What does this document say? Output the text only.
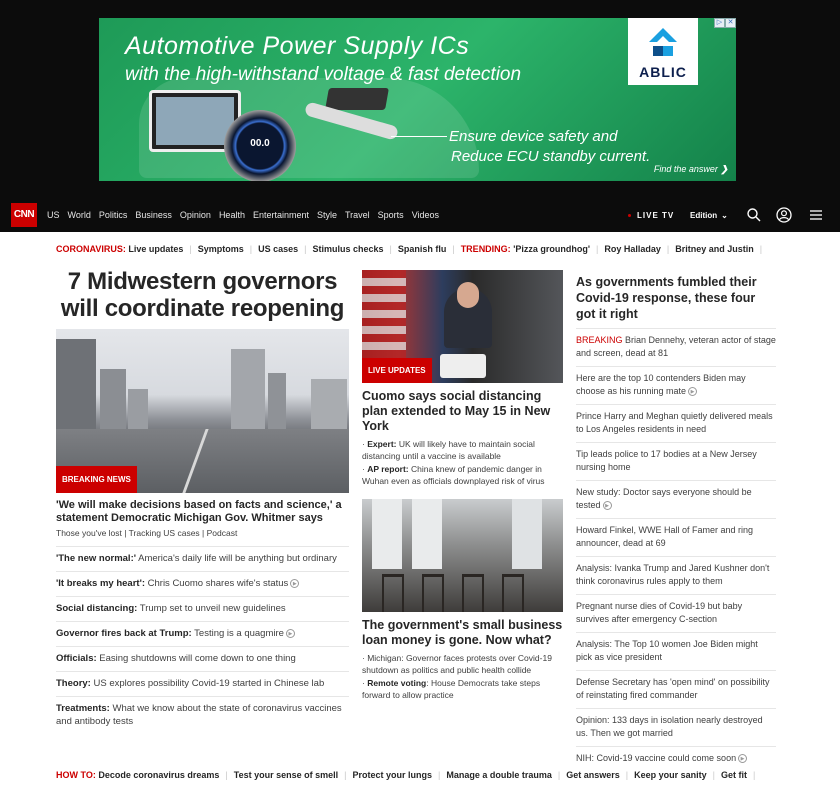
Automotive Power Supply ICs
with the high-withstand voltage & fast detection
00.0	Ensure device safety and
Reduce ECU standby current.
Find the answer ❯
ABLIC
▷ ✕
CNN	US World Politics Business Opinion Health Entertainment Style Travel Sports Videos	LIVE TV Edition ⌄
CORONAVIRUS:
Live updates | Symptoms | US cases | Stimulus checks | Spanish flu | TRENDING:
'Pizza groundhog' | Roy Halladay | Britney and Justin |
7 Midwestern governors will coordinate reopening
BREAKING NEWS
'We will make decisions based on facts and science,' a statement Democratic Michigan Gov. Whitmer says
Those you've lost | Tracking US cases | Podcast
'The new normal:' America's daily life will be anything but ordinary
'It breaks my heart': Chris Cuomo shares wife's status ▶
Social distancing: Trump set to unveil new guidelines
Governor fires back at Trump: Testing is a quagmire ▶
Officials: Easing shutdowns will come down to one thing
Theory: US explores possibility Covid-19 started in Chinese lab
Treatments: What we know about the state of coronavirus vaccines and antibody tests
LIVE UPDATES
Cuomo says social distancing plan extended to May 15 in New York
· Expert: UK will likely have to maintain social distancing until a vaccine is available
· AP report: China knew of pandemic danger in Wuhan even as officials downplayed risk of virus
The government's small business loan money is gone. Now what?
· Michigan: Governor faces protests over Covid-19 shutdown as politics and public health collide
· Remote voting: House Democrats take steps forward to allow practice
As governments fumbled their Covid-19 response, these four got it right
BREAKING Brian Dennehy, veteran actor of stage and screen, dead at 81
Here are the top 10 contenders Biden may choose as his running mate ▶
Prince Harry and Meghan quietly delivered meals to Los Angeles residents in need
Tip leads police to 17 bodies at a New Jersey nursing home
New study: Doctor says everyone should be tested ▶
Howard Finkel, WWE Hall of Famer and ring announcer, dead at 69
Analysis: Ivanka Trump and Jared Kushner don't think coronavirus rules apply to them
Pregnant nurse dies of Covid-19 but baby survives after emergency C-section
Analysis: The Top 10 women Joe Biden might pick as vice president
Defense Secretary has 'open mind' on possibility of reinstating fired commander
Opinion: 133 days in isolation nearly destroyed us. Then we got married
NIH: Covid-19 vaccine could come soon ▶
HOW TO:
Decode coronavirus dreams | Test your sense of smell | Protect your lungs | Manage a double trauma | Get answers | Keep your sanity | Get fit |
